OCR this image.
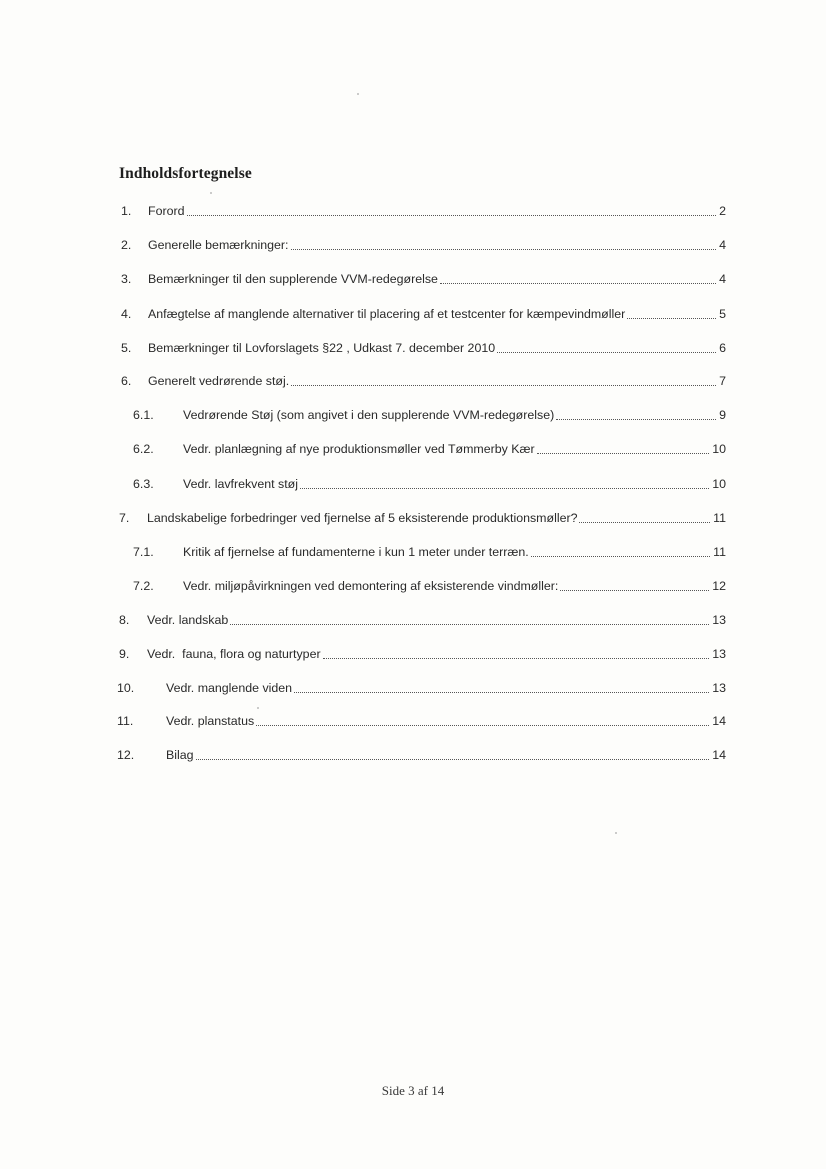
Indholdsfortegnelse
1.	Forord	2
2.	Generelle bemærkninger:	4
3.	Bemærkninger til den supplerende VVM-redegørelse	4
4.	Anfægtelse af manglende alternativer til placering af et testcenter for kæmpevindmøller	5
5.	Bemærkninger til Lovforslagets §22 , Udkast 7. december 2010	6
6.	Generelt vedrørende støj.	7
6.1.	Vedrørende Støj (som angivet i den supplerende VVM-redegørelse)	9
6.2.	Vedr. planlægning af nye produktionsmøller ved Tømmerby Kær	10
6.3.	Vedr. lavfrekvent støj	10
7.	Landskabelige forbedringer ved fjernelse af 5 eksisterende produktionsmøller?	11
7.1.	Kritik af fjernelse af fundamenterne i kun 1 meter under terræn.	11
7.2.	Vedr. miljøpåvirkningen ved demontering af eksisterende vindmøller:	12
8.	Vedr. landskab	13
9.	Vedr.  fauna, flora og naturtyper	13
10.	Vedr. manglende viden	13
11.	Vedr. planstatus	14
12.	Bilag	14
Side 3 af 14
